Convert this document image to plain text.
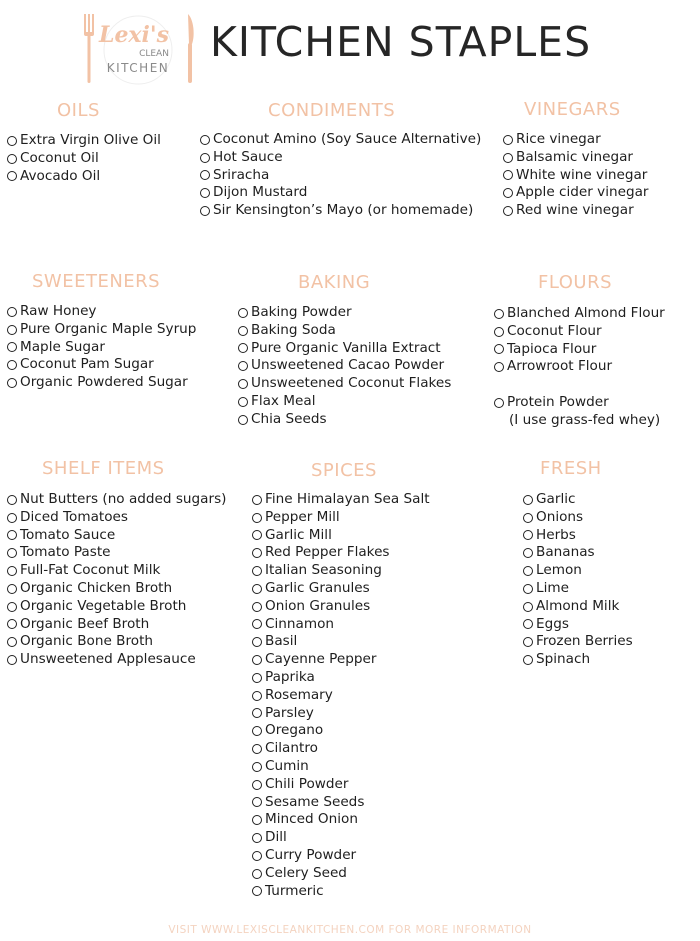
Lexi's
CLEAN
KITCHEN
KITCHEN STAPLES
OILS
Extra Virgin Olive Oil
Coconut Oil
Avocado Oil
CONDIMENTS
Coconut Amino (Soy Sauce Alternative)
Hot Sauce
Sriracha
Dijon Mustard
Sir Kensington’s Mayo (or homemade)
VINEGARS
Rice vinegar
Balsamic vinegar
White wine vinegar
Apple cider vinegar
Red wine vinegar
SWEETENERS
Raw Honey
Pure Organic Maple Syrup
Maple Sugar
Coconut Pam Sugar
Organic Powdered Sugar
BAKING
Baking Powder
Baking Soda
Pure Organic Vanilla Extract
Unsweetened Cacao Powder
Unsweetened Coconut Flakes
Flax Meal
Chia Seeds
FLOURS
Blanched Almond Flour
Coconut Flour
Tapioca Flour
Arrowroot Flour
Protein Powder
(I use grass-fed whey)
SHELF ITEMS
Nut Butters (no added sugars)
Diced Tomatoes
Tomato Sauce
Tomato Paste
Full-Fat Coconut Milk
Organic Chicken Broth
Organic Vegetable Broth
Organic Beef Broth
Organic Bone Broth
Unsweetened Applesauce
SPICES
Fine Himalayan Sea Salt
Pepper Mill
Garlic Mill
Red Pepper Flakes
Italian Seasoning
Garlic Granules
Onion Granules
Cinnamon
Basil
Cayenne Pepper
Paprika
Rosemary
Parsley
Oregano
Cilantro
Cumin
Chili Powder
Sesame Seeds
Minced Onion
Dill
Curry Powder
Celery Seed
Turmeric
FRESH
Garlic
Onions
Herbs
Bananas
Lemon
Lime
Almond Milk
Eggs
Frozen Berries
Spinach
VISIT WWW.LEXISCLEANKITCHEN.COM FOR MORE INFORMATION
